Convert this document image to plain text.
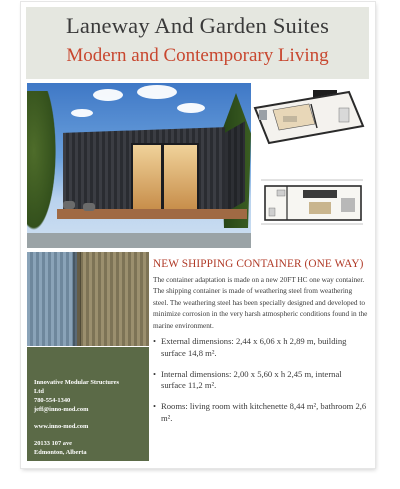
Laneway And Garden Suites
Modern and Contemporary Living
Innovative Modular Structures
Ltd
780-554-1340
jeff@inno-mod.com
www.inno-mod.com
20133 107 ave
Edmonton, Alberta
NEW SHIPPING CONTAINER (ONE WAY)
The container adaptation is made on a new 20FT HC one way container. The shipping container is made of weathering steel from weathering steel. The weathering steel has been specially designed and developed to minimize corrosion in the very harsh atmospheric conditions found in the marine environment.
• External dimensions: 2,44 x 6,06 x h 2,89 m, building surface 14,8 m².
• Internal dimensions: 2,00 x 5,60 x h 2,45 m, internal surface 11,2 m².
• Rooms: living room with kitchenette 8,44 m², bathroom 2,6 m².
